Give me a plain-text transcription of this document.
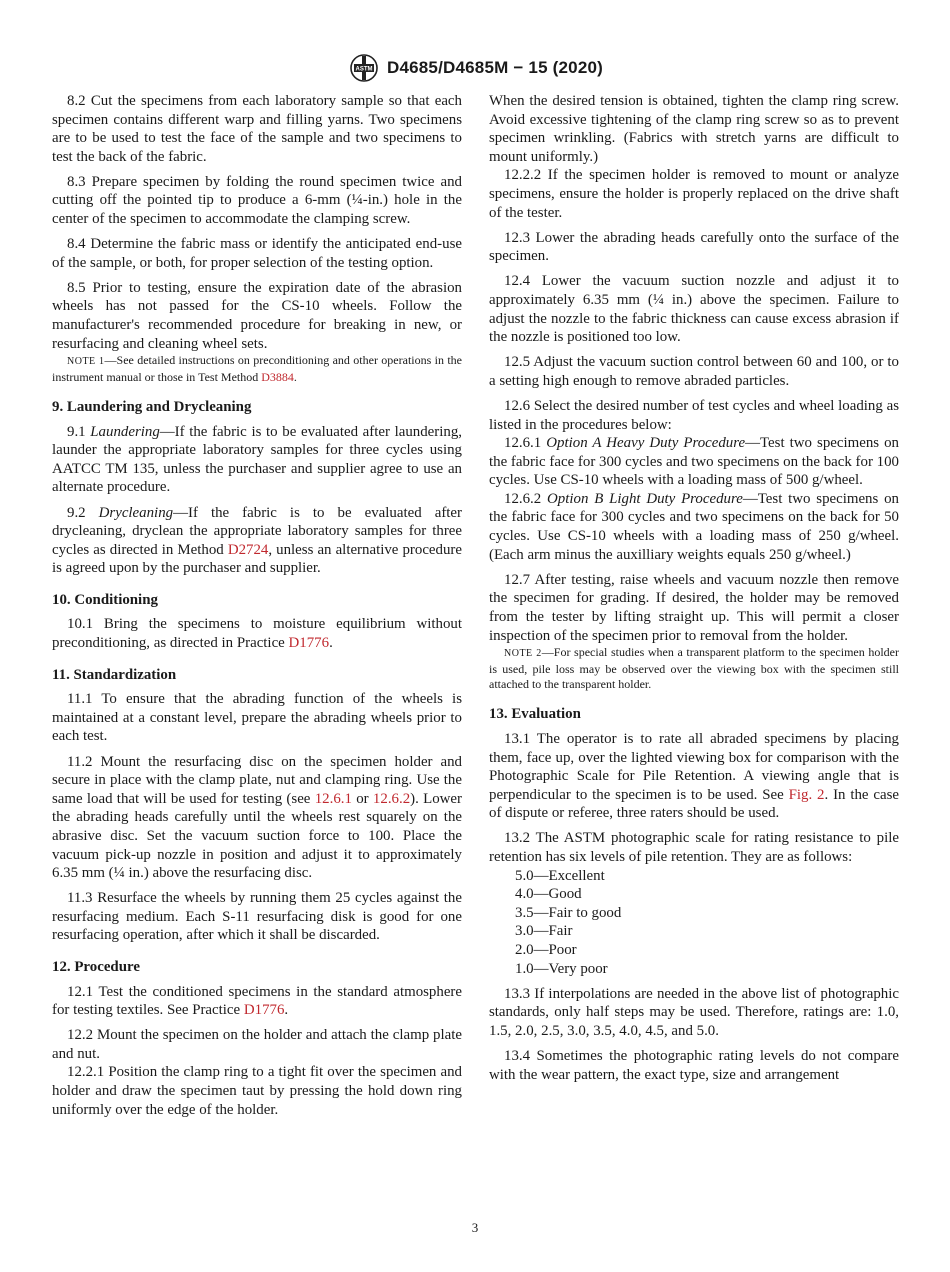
ASTM D4685/D4685M − 15 (2020)

8.2 Cut the specimens from each laboratory sample so that each specimen contains different warp and filling yarns. Two specimens are to be used to test the face of the sample and two specimens to test the back of the fabric.

8.3 Prepare specimen by folding the round specimen twice and cutting off the pointed tip to produce a 6-mm (¼-in.) hole in the center of the specimen to accommodate the clamping screw.

8.4 Determine the fabric mass or identify the anticipated end-use of the sample, or both, for proper selection of the testing option.

8.5 Prior to testing, ensure the expiration date of the abrasion wheels has not passed for the CS-10 wheels. Follow the manufacturer's recommended procedure for breaking in new, or resurfacing and cleaning wheel sets.

NOTE 1—See detailed instructions on preconditioning and other operations in the instrument manual or those in Test Method D3884.
9. Laundering and Drycleaning

9.1 Laundering—If the fabric is to be evaluated after laundering, launder the appropriate laboratory samples for three cycles using AATCC TM 135, unless the purchaser and supplier agree to use an alternate procedure.

9.2 Drycleaning—If the fabric is to be evaluated after drycleaning, dryclean the appropriate laboratory samples for three cycles as directed in Method D2724, unless an alternative procedure is agreed upon by the purchaser and supplier.

10. Conditioning

10.1 Bring the specimens to moisture equilibrium without preconditioning, as directed in Practice D1776.

11. Standardization

11.1 To ensure that the abrading function of the wheels is maintained at a constant level, prepare the abrading wheels prior to each test.

11.2 Mount the resurfacing disc on the specimen holder and secure in place with the clamp plate, nut and clamping ring. Use the same load that will be used for testing (see 12.6.1 or 12.6.2). Lower the abrading heads carefully until the wheels rest squarely on the abrasive disc. Set the vacuum suction force to 100. Place the vacuum pick-up nozzle in position and adjust it to approximately 6.35 mm (¼ in.) above the resurfacing disc.

11.3 Resurface the wheels by running them 25 cycles against the resurfacing medium. Each S-11 resurfacing disk is good for one resurfacing operation, after which it shall be discarded.

12. Procedure

12.1 Test the conditioned specimens in the standard atmosphere for testing textiles. See Practice D1776.

12.2 Mount the specimen on the holder and attach the clamp plate and nut.

12.2.1 Position the clamp ring to a tight fit over the specimen and holder and draw the specimen taut by pressing the hold down ring uniformly over the edge of the holder.

When the desired tension is obtained, tighten the clamp ring screw. Avoid excessive tightening of the clamp ring screw so as to prevent specimen wrinkling. (Fabrics with stretch yarns are difficult to mount uniformly.)

12.2.2 If the specimen holder is removed to mount or analyze specimens, ensure the holder is properly replaced on the drive shaft of the tester.

12.3 Lower the abrading heads carefully onto the surface of the specimen.

12.4 Lower the vacuum suction nozzle and adjust it to approximately 6.35 mm (¼ in.) above the specimen. Failure to adjust the nozzle to the fabric thickness can cause excess abrasion if the nozzle is positioned too low.

12.5 Adjust the vacuum suction control between 60 and 100, or to a setting high enough to remove abraded particles.

12.6 Select the desired number of test cycles and wheel loading as listed in the procedures below:

12.6.1 Option A Heavy Duty Procedure—Test two specimens on the fabric face for 300 cycles and two specimens on the back for 100 cycles. Use CS-10 wheels with a loading mass of 500 g/wheel.

12.6.2 Option B Light Duty Procedure—Test two specimens on the fabric face for 300 cycles and two specimens on the back for 50 cycles. Use CS-10 wheels with a loading mass of 250 g/wheel. (Each arm minus the auxilliary weights equals 250 g/wheel.)

12.7 After testing, raise wheels and vacuum nozzle then remove the specimen for grading. If desired, the holder may be removed from the tester by lifting straight up. This will permit a closer inspection of the specimen prior to removal from the holder.

NOTE 2—For special studies when a transparent platform to the specimen holder is used, pile loss may be observed over the viewing box with the specimen still attached to the transparent holder.
13. Evaluation

13.1 The operator is to rate all abraded specimens by placing them, face up, over the lighted viewing box for comparison with the Photographic Scale for Pile Retention. A viewing angle that is perpendicular to the specimen is to be used. See Fig. 2. In the case of dispute or referee, three raters should be used.

13.2 The ASTM photographic scale for rating resistance to pile retention has six levels of pile retention. They are as follows:

5.0—Excellent
4.0—Good
3.5—Fair to good
3.0—Fair
2.0—Poor
1.0—Very poor

13.3 If interpolations are needed in the above list of photographic standards, only half steps may be used. Therefore, ratings are: 1.0, 1.5, 2.0, 2.5, 3.0, 3.5, 4.0, 4.5, and 5.0.

13.4 Sometimes the photographic rating levels do not compare with the wear pattern, the exact type, size and arrangement

3
